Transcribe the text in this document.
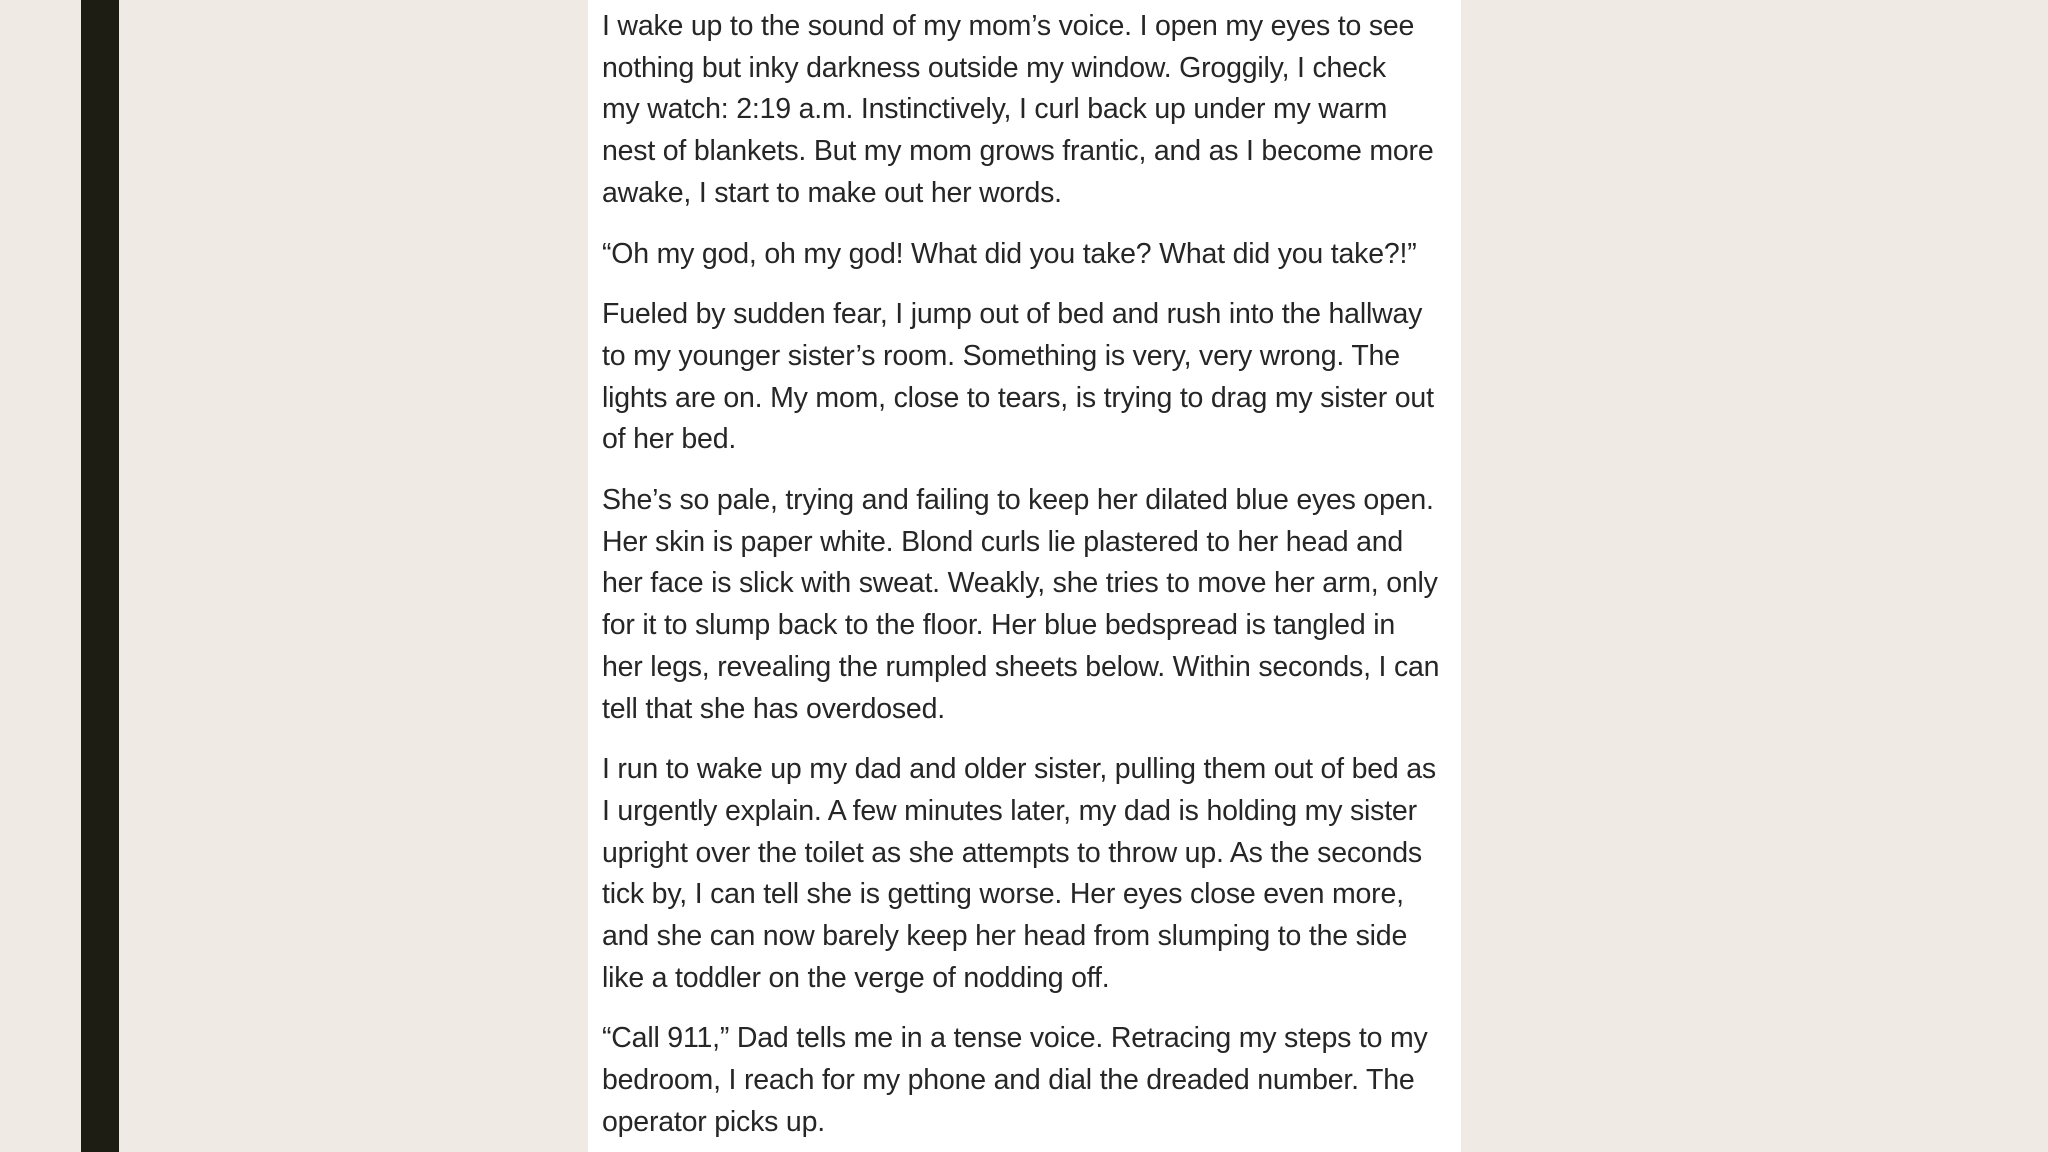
I wake up to the sound of my mom’s voice. I open my eyes to see
nothing but inky darkness outside my window. Groggily, I check
my watch: 2:19 a.m. Instinctively, I curl back up under my warm
nest of blankets. But my mom grows frantic, and as I become more
awake, I start to make out her words.

“Oh my god, oh my god! What did you take? What did you take?!”

Fueled by sudden fear, I jump out of bed and rush into the hallway
to my younger sister’s room. Something is very, very wrong. The
lights are on. My mom, close to tears, is trying to drag my sister out
of her bed.

She’s so pale, trying and failing to keep her dilated blue eyes open.
Her skin is paper white. Blond curls lie plastered to her head and
her face is slick with sweat. Weakly, she tries to move her arm, only
for it to slump back to the floor. Her blue bedspread is tangled in
her legs, revealing the rumpled sheets below. Within seconds, I can
tell that she has overdosed.

I run to wake up my dad and older sister, pulling them out of bed as
I urgently explain. A few minutes later, my dad is holding my sister
upright over the toilet as she attempts to throw up. As the seconds
tick by, I can tell she is getting worse. Her eyes close even more,
and she can now barely keep her head from slumping to the side
like a toddler on the verge of nodding off.

“Call 911,” Dad tells me in a tense voice. Retracing my steps to my
bedroom, I reach for my phone and dial the dreaded number. The
operator picks up.
